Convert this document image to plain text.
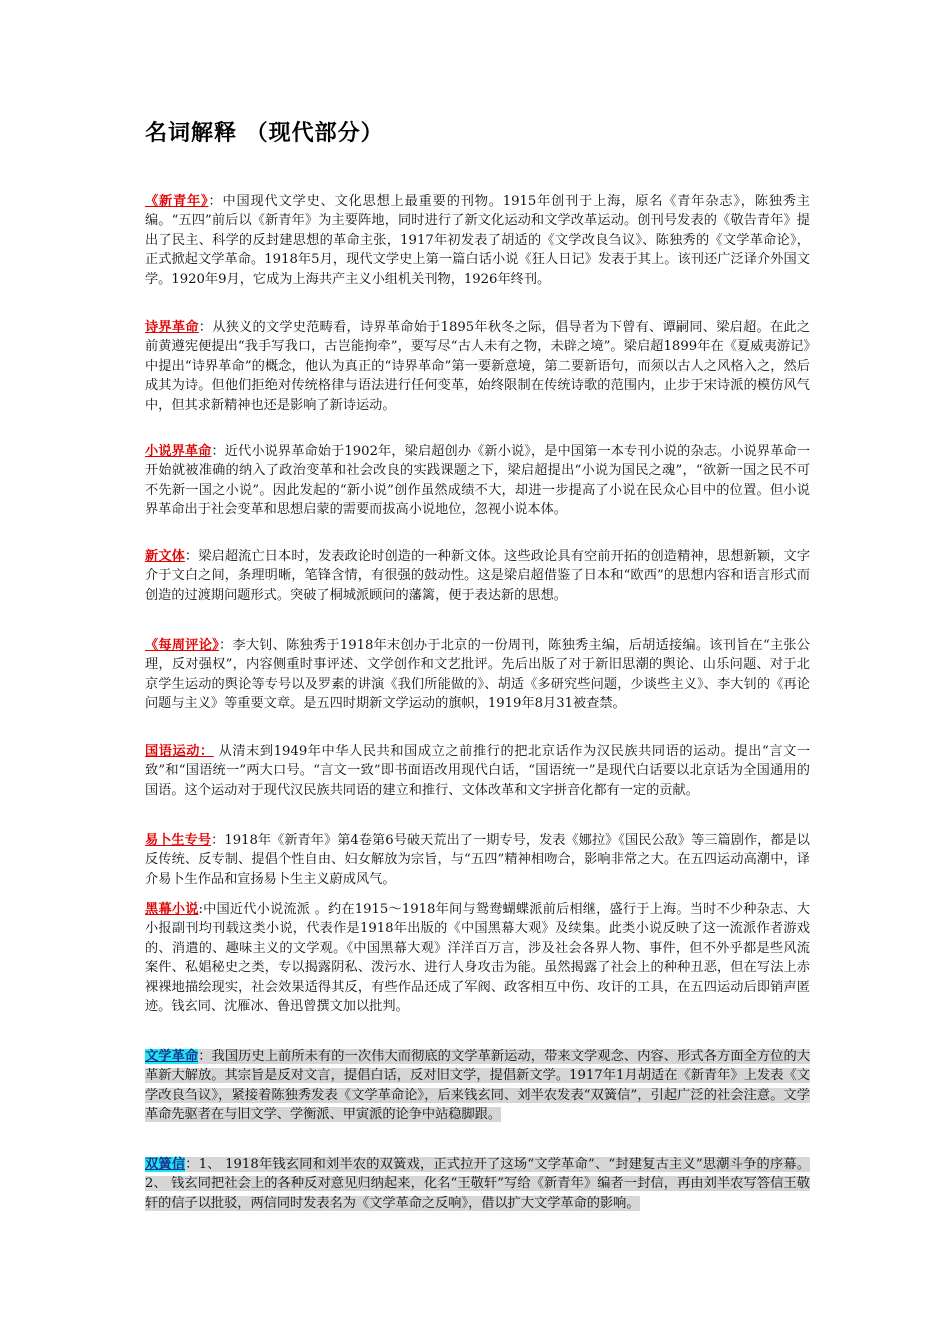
名词解释 （现代部分）

《新青年》：中国现代文学史、文化思想上最重要的刊物。1915年创刊于上海，原名《青年杂志》，陈独秀主编。“五四”前后以《新青年》为主要阵地，同时进行了新文化运动和文学改革运动。创刊号发表的《敬告青年》提出了民主、科学的反封建思想的革命主张，1917年初发表了胡适的《文学改良刍议》、陈独秀的《文学革命论》，正式掀起文学革命。1918年5月，现代文学史上第一篇白话小说《狂人日记》发表于其上。该刊还广泛译介外国文学。1920年9月，它成为上海共产主义小组机关刊物，1926年终刊。

诗界革命：从狭义的文学史范畴看，诗界革命始于1895年秋冬之际，倡导者为下曾有、谭嗣同、梁启超。在此之前黄遵宪便提出“我手写我口，古岂能拘牵”，要写尽“古人未有之物，未辟之境”。梁启超1899年在《夏威夷游记》中提出“诗界革命”的概念，他认为真正的“诗界革命”第一要新意境，第二要新语句，而须以古人之风格入之，然后成其为诗。但他们拒绝对传统格律与语法进行任何变革，始终限制在传统诗歌的范围内，止步于宋诗派的模仿风气中，但其求新精神也还是影响了新诗运动。

小说界革命：近代小说界革命始于1902年，梁启超创办《新小说》，是中国第一本专刊小说的杂志。小说界革命一开始就被准确的纳入了政治变革和社会改良的实践课题之下，梁启超提出“小说为国民之魂”，“欲新一国之民不可不先新一国之小说”。因此发起的“新小说”创作虽然成绩不大，却进一步提高了小说在民众心目中的位置。但小说界革命出于社会变革和思想启蒙的需要而拔高小说地位，忽视小说本体。

新文体：梁启超流亡日本时，发表政论时创造的一种新文体。这些政论具有空前开拓的创造精神，思想新颖，文字介于文白之间，条理明晰，笔锋含情，有很强的鼓动性。这是梁启超借鉴了日本和“欧西”的思想内容和语言形式而创造的过渡期问题形式。突破了桐城派顾问的藩篱，便于表达新的思想。

《每周评论》：李大钊、陈独秀于1918年末创办于北京的一份周刊，陈独秀主编，后胡适接编。该刊旨在“主张公理，反对强权”，内容侧重时事评述、文学创作和文艺批评。先后出版了对于新旧思潮的舆论、山乐问题、对于北京学生运动的舆论等专号以及罗素的讲演《我们所能做的》、胡适《多研究些问题，少谈些主义》、李大钊的《再论问题与主义》等重要文章。是五四时期新文学运动的旗帜，1919年8月31被查禁。

国语运动： 从清末到1949年中华人民共和国成立之前推行的把北京话作为汉民族共同语的运动。提出“言文一致”和“国语统一”两大口号。“言文一致”即书面语改用现代白话，“国语统一”是现代白话要以北京话为全国通用的国语。这个运动对于现代汉民族共同语的建立和推行、文体改革和文字拼音化都有一定的贡献。

易卜生专号：1918年《新青年》第4卷第6号破天荒出了一期专号，发表《娜拉》《国民公敌》等三篇剧作，都是以反传统、反专制、提倡个性自由、妇女解放为宗旨，与“五四”精神相吻合，影响非常之大。在五四运动高潮中，译介易卜生作品和宣扬易卜生主义蔚成风气。

黑幕小说:中国近代小说流派 。约在1915～1918年间与鸳鸯蝴蝶派前后相继，盛行于上海。当时不少种杂志、大小报副刊均刊载这类小说，代表作是1918年出版的《中国黑幕大观》及续集。此类小说反映了这一流派作者游戏的、消遣的、趣味主义的文学观。《中国黑幕大观》洋洋百万言，涉及社会各界人物、事件，但不外乎都是些风流案件、私娼秘史之类，专以揭露阴私、泼污水、进行人身攻击为能。虽然揭露了社会上的种种丑恶，但在写法上赤裸裸地描绘现实，社会效果适得其反，有些作品还成了军阀、政客相互中伤、攻讦的工具，在五四运动后即销声匿迹。钱玄同、沈雁冰、鲁迅曾撰文加以批判。

文学革命：我国历史上前所未有的一次伟大而彻底的文学革新运动，带来文学观念、内容、形式各方面全方位的大革新大解放。其宗旨是反对文言，提倡白话，反对旧文学，提倡新文学。1917年1月胡适在《新青年》上发表《文学改良刍议》，紧接着陈独秀发表《文学革命论》，后来钱玄同、刘半农发表“双簧信”，引起广泛的社会注意。文学革命先驱者在与旧文学、学衡派、甲寅派的论争中站稳脚跟。

双簧信：1、 1918年钱玄同和刘半农的双簧戏，正式拉开了这场“文学革命”、“封建复古主义”思潮斗争的序幕。2、 钱玄同把社会上的各种反对意见归纳起来，化名“王敬轩”写给《新青年》编者一封信，再由刘半农写答信王敬轩的信子以批驳，两信同时发表名为《文学革命之反响》，借以扩大文学革命的影响。
